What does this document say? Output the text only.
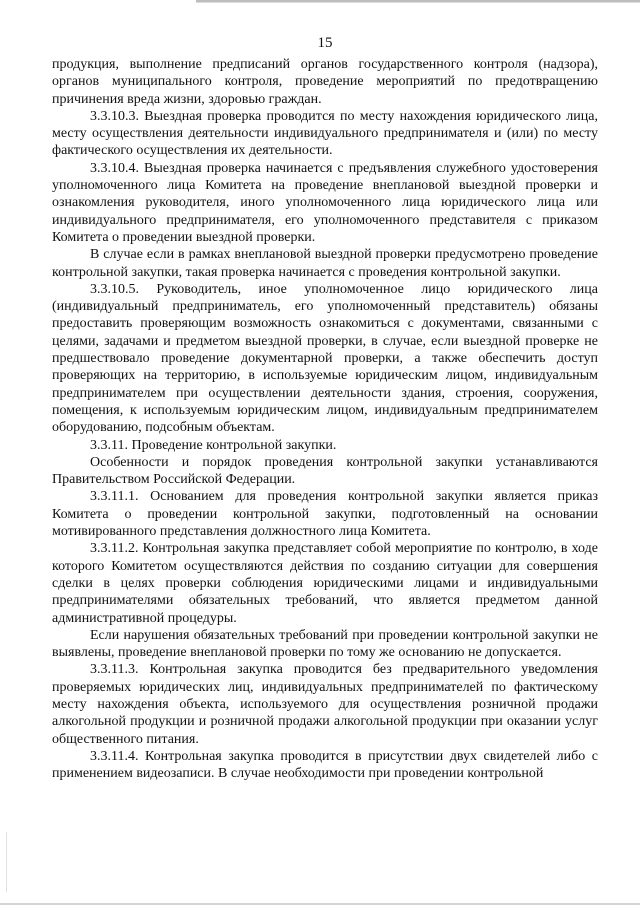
15

продукция, выполнение предписаний органов государственного контроля (надзора), органов муниципального контроля, проведение мероприятий по предотвращению причинения вреда жизни, здоровью граждан.

3.3.10.3. Выездная проверка проводится по месту нахождения юридического лица, месту осуществления деятельности индивидуального предпринимателя и (или) по месту фактического осуществления их деятельности.

3.3.10.4. Выездная проверка начинается с предъявления служебного удостоверения уполномоченного лица Комитета на проведение внеплановой выездной проверки и ознакомления руководителя, иного уполномоченного лица юридического лица или индивидуального предпринимателя, его уполномоченного представителя с приказом Комитета о проведении выездной проверки.

В случае если в рамках внеплановой выездной проверки предусмотрено проведение контрольной закупки, такая проверка начинается с проведения контрольной закупки.

3.3.10.5. Руководитель, иное уполномоченное лицо юридического лица (индивидуальный предприниматель, его уполномоченный представитель) обязаны предоставить проверяющим возможность ознакомиться с документами, связанными с целями, задачами и предметом выездной проверки, в случае, если выездной проверке не предшествовало проведение документарной проверки, а также обеспечить доступ проверяющих на территорию, в используемые юридическим лицом, индивидуальным предпринимателем при осуществлении деятельности здания, строения, сооружения, помещения, к используемым юридическим лицом, индивидуальным предпринимателем оборудованию, подсобным объектам.

3.3.11. Проведение контрольной закупки.

Особенности и порядок проведения контрольной закупки устанавливаются Правительством Российской Федерации.

3.3.11.1. Основанием для проведения контрольной закупки является приказ Комитета о проведении контрольной закупки, подготовленный на основании мотивированного представления должностного лица Комитета.

3.3.11.2. Контрольная закупка представляет собой мероприятие по контролю, в ходе которого Комитетом осуществляются действия по созданию ситуации для совершения сделки в целях проверки соблюдения юридическими лицами и индивидуальными предпринимателями обязательных требований, что является предметом данной административной процедуры.

Если нарушения обязательных требований при проведении контрольной закупки не выявлены, проведение внеплановой проверки по тому же основанию не допускается.

3.3.11.3. Контрольная закупка проводится без предварительного уведомления проверяемых юридических лиц, индивидуальных предпринимателей по фактическому месту нахождения объекта, используемого для осуществления розничной продажи алкогольной продукции и розничной продажи алкогольной продукции при оказании услуг общественного питания.

3.3.11.4. Контрольная закупка проводится в присутствии двух свидетелей либо с применением видеозаписи. В случае необходимости при проведении контрольной
